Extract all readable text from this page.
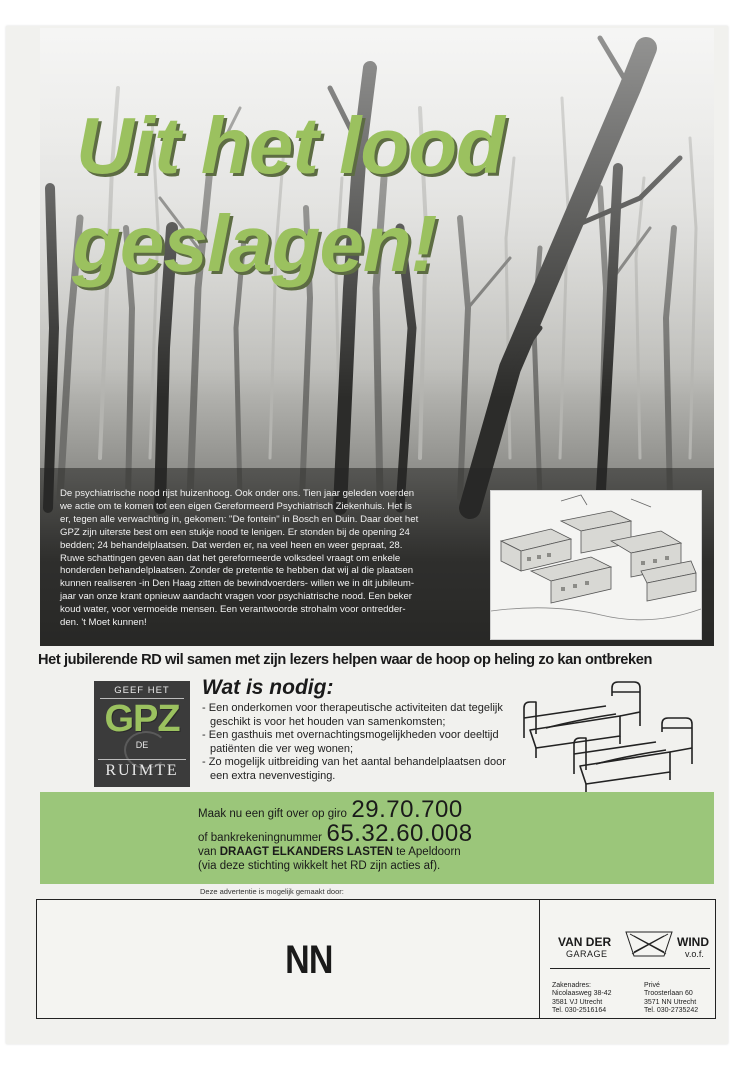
De psychiatrische nood rijst huizenhoog. Ook onder ons. Tien jaar geleden voerden
we actie om te komen tot een eigen Gereformeerd Psychiatrisch Ziekenhuis. Het is
er, tegen alle verwachting in, gekomen: "De fontein" in Bosch en Duin. Daar doet het
GPZ zijn uiterste best om een stukje nood te lenigen. Er stonden bij de opening 24
bedden; 24 behandelplaatsen. Dat werden er, na veel heen en weer gepraat, 28.
Ruwe schattingen geven aan dat het gereformeerde volksdeel vraagt om enkele
honderden behandelplaatsen. Zonder de pretentie te hebben dat wij al die plaatsen
kunnen realiseren -in Den Haag zitten de bewindvoerders- willen we in dit jubileum-
jaar van onze krant opnieuw aandacht vragen voor psychiatrische nood. Een beker
koud water, voor vermoeide mensen. Een verantwoorde strohalm voor ontredder-
den. 't Moet kunnen!
Uit het lood
geslagen!
Het jubilerende RD wil samen met zijn lezers helpen waar de hoop op heling zo kan ontbreken
GEEF HET
GPZ
DE
RUIMTE
Wat is nodig:
- Een onderkomen voor therapeutische activiteiten dat tegelijk geschikt is voor het houden van samenkomsten;
- Een gasthuis met overnachtingsmogelijkheden voor deeltijd patiënten die ver weg wonen;
- Zo mogelijk uitbreiding van het aantal behandelplaatsen door een extra nevenvestiging.
Maak nu een gift over op giro 29.70.700
of bankrekeningnummer 65.32.60.008
van DRAAGT ELKANDERS LASTEN te Apeldoorn
(via deze stichting wikkelt het RD zijn acties af).
Deze advertentie is mogelijk gemaakt door:
NN	VAN DER
GARAGE
WIND
v.o.f.
Zakenadres:
Nicolaasweg 38-42
3581 VJ Utrecht
Tel. 030-2516164
Privé
Troosterlaan 60
3571 NN Utrecht
Tel. 030-2735242
